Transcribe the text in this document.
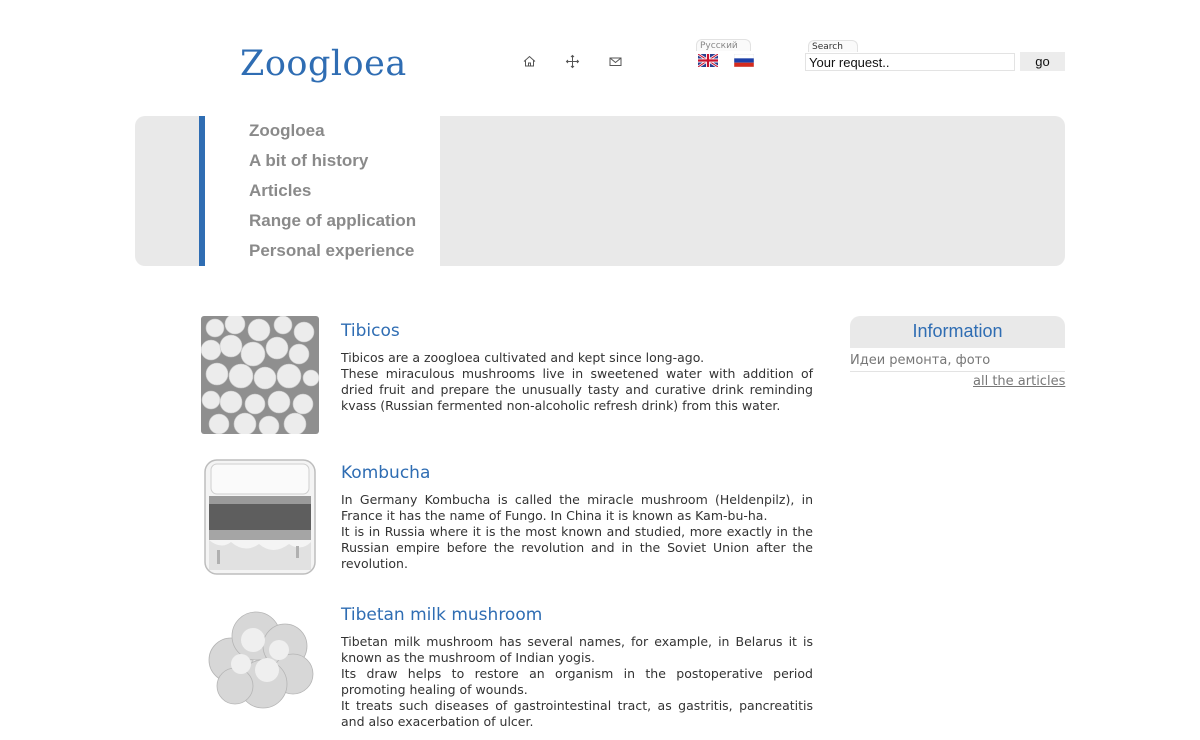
Zoogloea	Русский	Search
Your request..
go
Zoogloea
A bit of history
Articles
Range of application
Personal experience
Tibicos

Tibicos are a zoogloea cultivated and kept since long-ago.

These miraculous mushrooms live in sweetened water with addition of dried fruit and prepare the unusually tasty and curative drink reminding kvass (Russian fermented non-alcoholic refresh drink) from this water.

Kombucha

In Germany Kombucha is called the miracle mushroom (Heldenpilz), in France it has the name of Fungo. In China it is known as Kam-bu-ha.

It is in Russia where it is the most known and studied, more exactly in the Russian empire before the revolution and in the Soviet Union after the revolution.

Tibetan milk mushroom

Tibetan milk mushroom has several names, for example, in Belarus it is known as the mushroom of Indian yogis.

Its draw helps to restore an organism in the postoperative period promoting healing of wounds.

It treats such diseases of gastrointestinal tract, as gastritis, pancreatitis and also exacerbation of ulcer.

Information
Идеи ремонта, фото
all the articles
